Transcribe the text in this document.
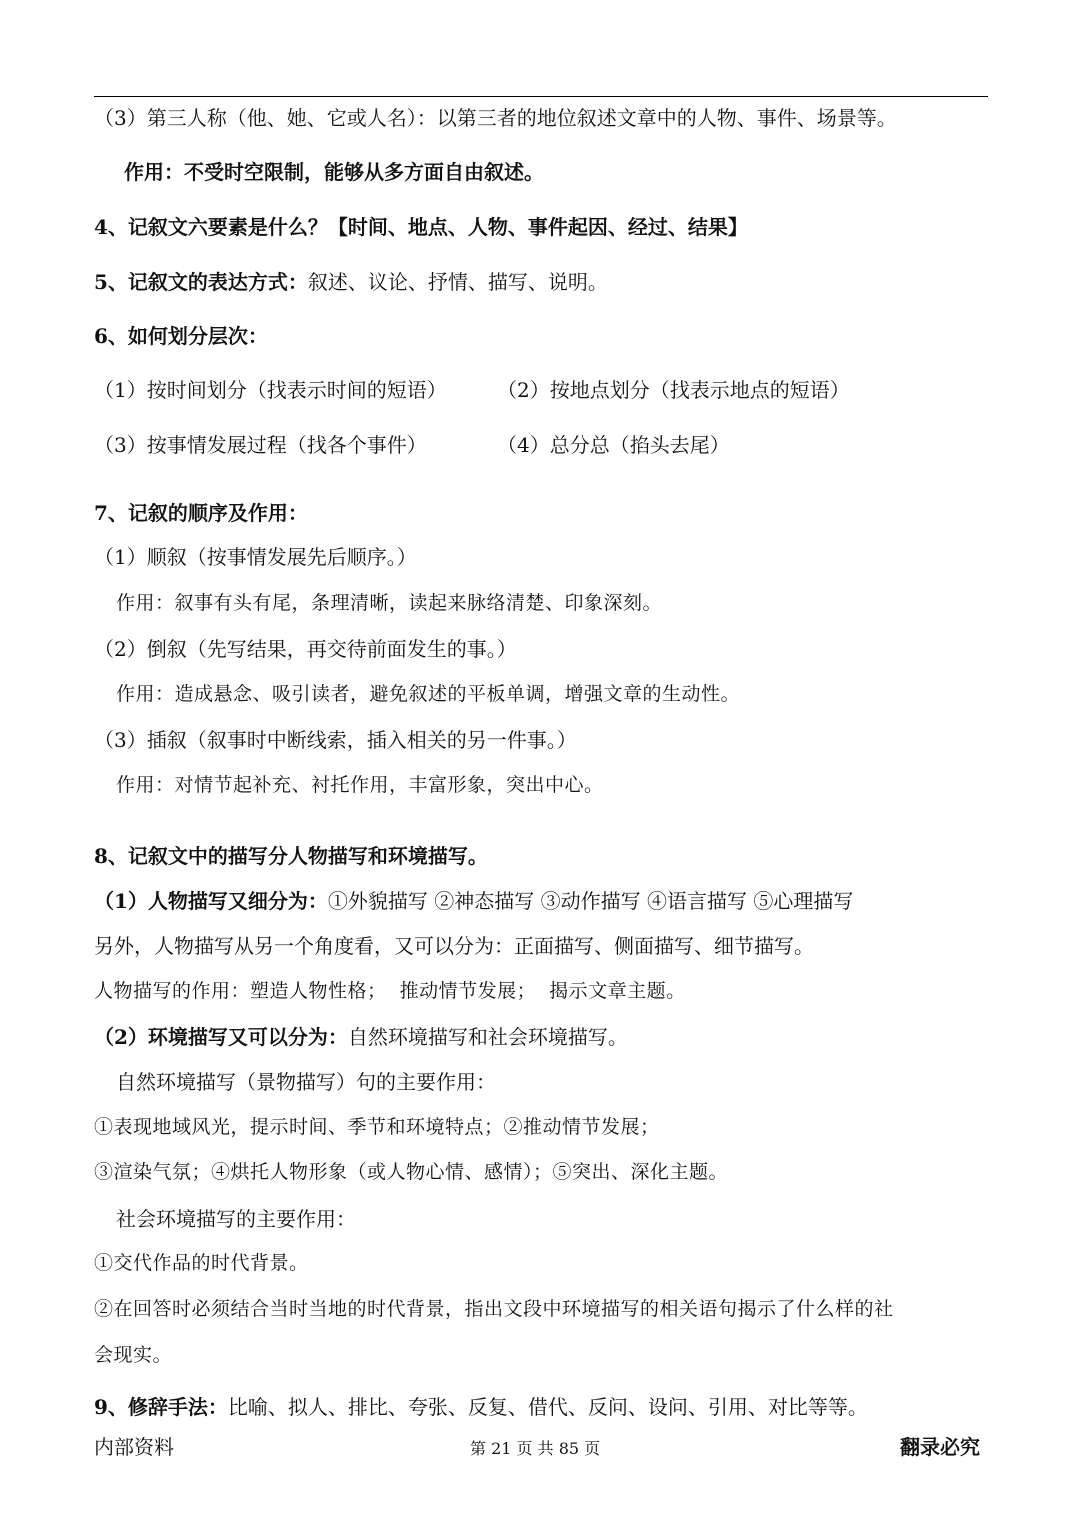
（3）第三人称（他、她、它或人名）：以第三者的地位叙述文章中的人物、事件、场景等。
作用：不受时空限制，能够从多方面自由叙述。
4、记叙文六要素是什么？【时间、地点、人物、事件起因、经过、结果】
5、记叙文的表达方式：叙述、议论、抒情、描写、说明。
6、如何划分层次：
（1）按时间划分（找表示时间的短语）	（2）按地点划分（找表示地点的短语）
（3）按事情发展过程（找各个事件）	（4）总分总（掐头去尾）
7、记叙的顺序及作用：
（1）顺叙（按事情发展先后顺序。）
作用：叙事有头有尾，条理清晰，读起来脉络清楚、印象深刻。
（2）倒叙（先写结果，再交待前面发生的事。）
作用：造成悬念、吸引读者，避免叙述的平板单调，增强文章的生动性。
（3）插叙（叙事时中断线索，插入相关的另一件事。）
作用：对情节起补充、衬托作用，丰富形象，突出中心。
8、记叙文中的描写分人物描写和环境描写。
（1）人物描写又细分为：①外貌描写 ②神态描写 ③动作描写 ④语言描写 ⑤心理描写
另外，人物描写从另一个角度看，又可以分为：正面描写、侧面描写、细节描写。
人物描写的作用：塑造人物性格；  推动情节发展；  揭示文章主题。
（2）环境描写又可以分为：自然环境描写和社会环境描写。
自然环境描写（景物描写）句的主要作用：
①表现地域风光，提示时间、季节和环境特点；②推动情节发展；
③渲染气氛；④烘托人物形象（或人物心情、感情）；⑤突出、深化主题。
社会环境描写的主要作用：
①交代作品的时代背景。
②在回答时必须结合当时当地的时代背景，指出文段中环境描写的相关语句揭示了什么样的社
会现实。
9、修辞手法：比喻、拟人、排比、夸张、反复、借代、反问、设问、引用、对比等等。
内部资料	第 21 页 共 85 页	翻录必究
